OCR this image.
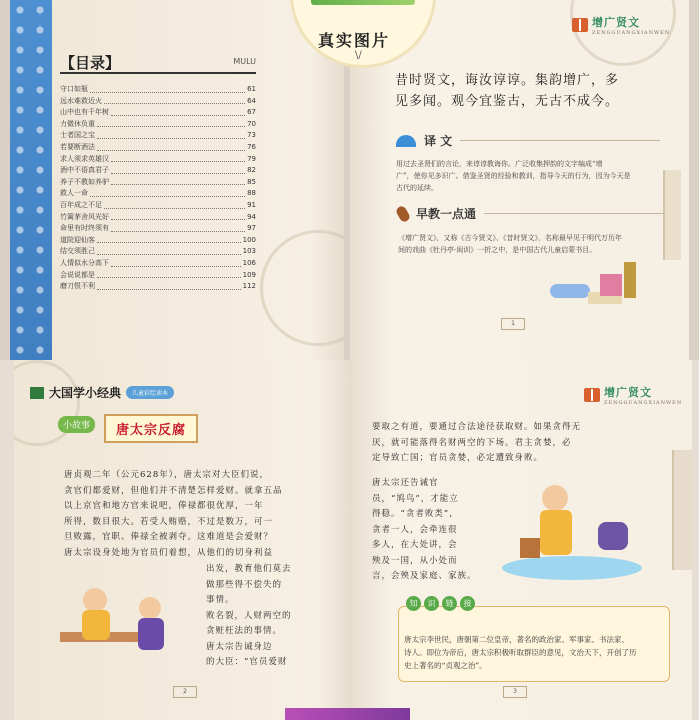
【目录】	MULU
守口如瓶	61
远水难救近火	64
山中也有千年树	67
力微休负重	70
士者国之宝	73
若要断酒法	76
求人须求英雄汉	79
酒中不语真君子	82
养子不教如养驴	85
救人一命	88
百年成之不足	91
竹篱茅舍风光好	94
命里有时终须有	97
道院迎仙客	100
结交须胜己	103
人情似水分高下	106
会说说都是	109
磨刀恨不利	112
真实图片
\/
增广贤文
ZENGGUANGXIANWEN
昔时贤文，诲汝谆谆。集韵增广，多
见多闻。观今宜鉴古，无古不成今。
译 文
用过去圣贤们的言论，来谆谆教诲你。广泛收集押韵的文字编成“增
广”，使你见多识广。借鉴圣贤的经验和教训，指导今天的行为，因为今天是
古代的延续。
早教一点通
《增广贤文》，又称《古今贤文》、《昔时贤文》，名称最早见于明代万历年
间的戏曲《牡丹亭·闺训》一折之中，是中国古代儿童启蒙书目。
1
大国学小经典	儿童彩绘读本
小故事	唐太宗反腐
唐贞观二年（公元628年），唐太宗对大臣们说，
贪官们都爱财，但他们并不清楚怎样爱财。就拿五品
以上京官和地方官来说吧，俸禄都很优厚，一年
所得，数目很大。若受人贿赂，不过是数万，可一
旦败露，官职、俸禄全被剥夺。这难道是会爱财？
唐太宗设身处地为官员们着想，从他们的切身利益
出发，教育他们莫去
做那些得不偿失的
事情。
败名裂，人财两空的
贪赃枉法的事情。
唐太宗告诫身边
的大臣：“官员爱财
2
增广贤文
ZENGGUANGXIANWEN
要取之有道，要通过合法途径获取财。如果贪得无
厌，就可能落得名财两空的下场。君主贪婪，必
定导致亡国；官员贪婪，必定遭致身败。
唐太宗还告诫官
员，“鸠鸟”，才能立
得稳。“贪者败类”，
贪者一人，会牵连很
多人，在大处讲，会
殃及一国，从小处而
言，会殃及家庭、家族。
知	识	链	接
唐太宗李世民，唐朝第二位皇帝，著名的政治家、军事家、书法家、
诗人。即位为帝后，唐太宗积极听取群臣的意见，文治天下，开创了历
史上著名的“贞观之治”。
3
